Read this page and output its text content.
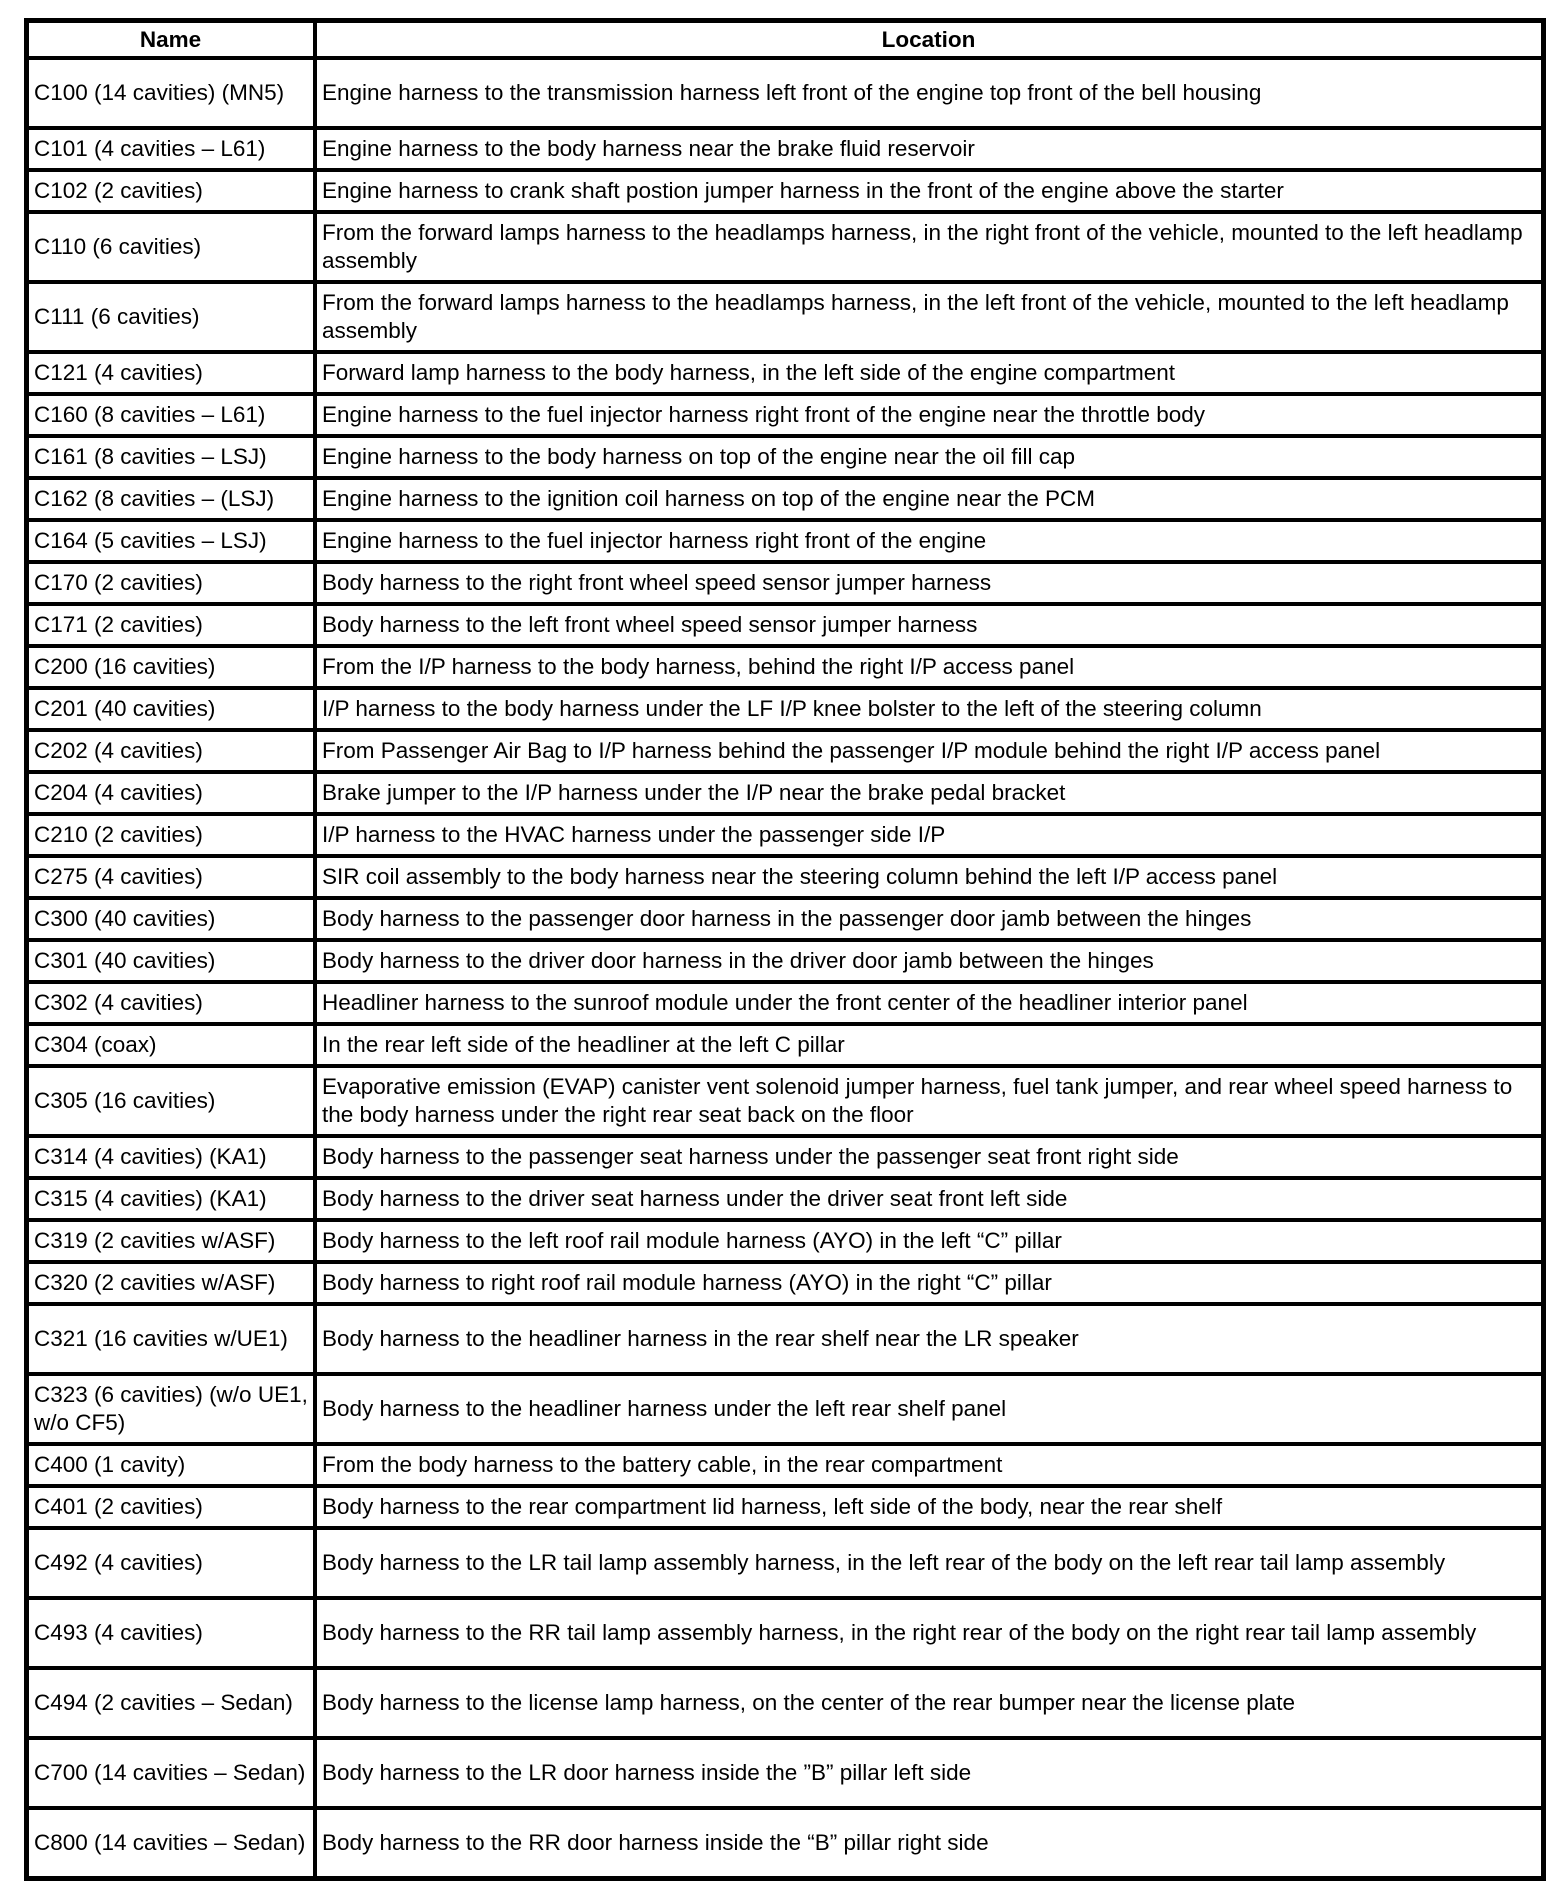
Name	Location
C100 (14 cavities) (MN5)	Engine harness to the transmission harness left front of the engine top front of the bell housing
C101 (4 cavities – L61)	Engine harness to the body harness near the brake fluid reservoir
C102 (2 cavities)	Engine harness to crank shaft postion jumper harness in the front of the engine above the starter
C110 (6 cavities)	From the forward lamps harness to the headlamps harness, in the right front of the vehicle, mounted to the left headlamp assembly
C111 (6 cavities)	From the forward lamps harness to the headlamps harness, in the left front of the vehicle, mounted to the left headlamp assembly
C121 (4 cavities)	Forward lamp harness to the body harness, in the left side of the engine compartment
C160 (8 cavities – L61)	Engine harness to the fuel injector harness right front of the engine near the throttle body
C161 (8 cavities – LSJ)	Engine harness to the body harness on top of the engine near the oil fill cap
C162 (8 cavities – (LSJ)	Engine harness to the ignition coil harness on top of the engine near the PCM
C164 (5 cavities – LSJ)	Engine harness to the fuel injector harness right front of the engine
C170 (2 cavities)	Body harness to the right front wheel speed sensor jumper harness
C171 (2 cavities)	Body harness to the left front wheel speed sensor jumper harness
C200 (16 cavities)	From the I/P harness to the body harness, behind the right I/P access panel
C201 (40 cavities)	I/P harness to the body harness under the LF I/P knee bolster to the left of the steering column
C202 (4 cavities)	From Passenger Air Bag to I/P harness behind the passenger I/P module behind the right I/P access panel
C204 (4 cavities)	Brake jumper to the I/P harness under the I/P near the brake pedal bracket
C210 (2 cavities)	I/P harness to the HVAC harness under the passenger side I/P
C275 (4 cavities)	SIR coil assembly to the body harness near the steering column behind the left I/P access panel
C300 (40 cavities)	Body harness to the passenger door harness in the passenger door jamb between the hinges
C301 (40 cavities)	Body harness to the driver door harness in the driver door jamb between the hinges
C302 (4 cavities)	Headliner harness to the sunroof module under the front center of the headliner interior panel
C304 (coax)	In the rear left side of the headliner at the left C pillar
C305 (16 cavities)	Evaporative emission (EVAP) canister vent solenoid jumper harness, fuel tank jumper, and rear wheel speed harness to the body harness under the right rear seat back on the floor
C314 (4 cavities) (KA1)	Body harness to the passenger seat harness under the passenger seat front right side
C315 (4 cavities) (KA1)	Body harness to the driver seat harness under the driver seat front left side
C319 (2 cavities w/ASF)	Body harness to the left roof rail module harness (AYO) in the left “C” pillar
C320 (2 cavities w/ASF)	Body harness to right roof rail module harness (AYO) in the right “C” pillar
C321 (16 cavities w/UE1)	Body harness to the headliner harness in the rear shelf near the LR speaker
C323 (6 cavities) (w/o UE1, w/o CF5)	Body harness to the headliner harness under the left rear shelf panel
C400 (1 cavity)	From the body harness to the battery cable, in the rear compartment
C401 (2 cavities)	Body harness to the rear compartment lid harness, left side of the body, near the rear shelf
C492 (4 cavities)	Body harness to the LR tail lamp assembly harness, in the left rear of the body on the left rear tail lamp assembly
C493 (4 cavities)	Body harness to the RR tail lamp assembly harness, in the right rear of the body on the right rear tail lamp assembly
C494 (2 cavities – Sedan)	Body harness to the license lamp harness, on the center of the rear bumper near the license plate
C700 (14 cavities – Sedan)	Body harness to the LR door harness inside the ”B” pillar left side
C800 (14 cavities – Sedan)	Body harness to the RR door harness inside the “B” pillar right side
